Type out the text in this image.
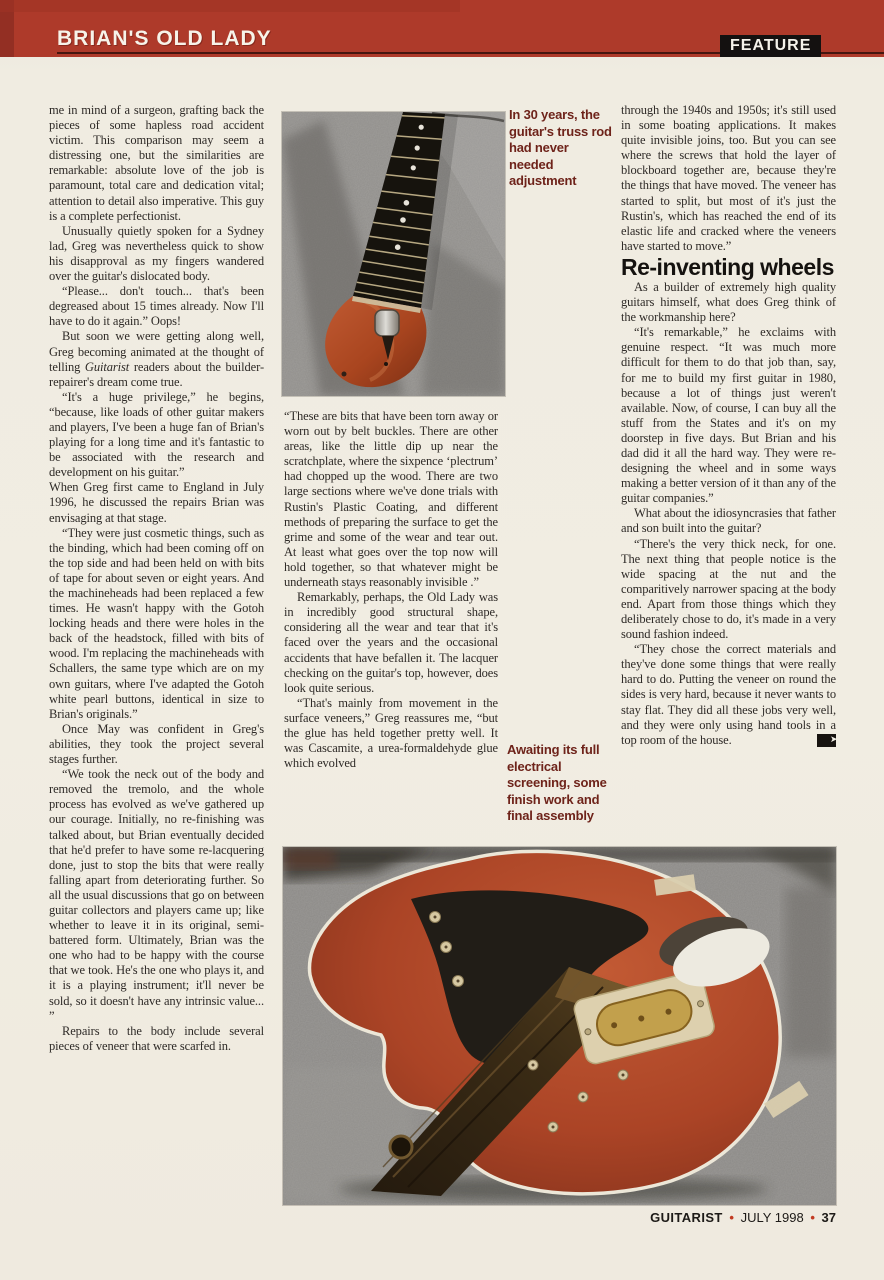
BRIAN'S OLD LADY	FEATURE

me in mind of a surgeon, grafting back the pieces of some hapless road accident victim. This comparison may seem a distressing one, but the similarities are remarkable: absolute love of the job is paramount, total care and dedication vital; attention to detail also imperative. This guy is a complete perfectionist.

Unusually quietly spoken for a Sydney lad, Greg was nevertheless quick to show his disapproval as my fingers wandered over the guitar's dislocated body.

“Please... don't touch... that's been degreased about 15 times already. Now I'll have to do it again.” Oops!

But soon we were getting along well, Greg becoming animated at the thought of telling Guitarist readers about the builder-repairer's dream come true.

“It's a huge privilege,” he begins, “because, like loads of other guitar makers and players, I've been a huge fan of Brian's playing for a long time and it's fantastic to be associated with the research and development on his guitar.”

When Greg first came to England in July 1996, he discussed the repairs Brian was envisaging at that stage.

“They were just cosmetic things, such as the binding, which had been coming off on the top side and had been held on with bits of tape for about seven or eight years. And the machineheads had been replaced a few times. He wasn't happy with the Gotoh locking heads and there were holes in the back of the headstock, filled with bits of wood. I'm replacing the machineheads with Schallers, the same type which are on my own guitars, where I've adapted the Gotoh white pearl buttons, identical in size to Brian's originals.”

Once May was confident in Greg's abilities, they took the project several stages further.

“We took the neck out of the body and removed the tremolo, and the whole process has evolved as we've gathered up our courage. Initially, no re-finishing was talked about, but Brian eventually decided that he'd prefer to have some re-lacquering done, just to stop the bits that were really falling apart from deteriorating further. So all the usual discussions that go on between guitar collectors and players came up; like whether to leave it in its original, semi-battered form. Ultimately, Brian was the one who had to be happy with the course that we took. He's the one who plays it, and it is a playing instrument; it'll never be sold, so it doesn't have any intrinsic value... ”

Repairs to the body include several pieces of veneer that were scarfed in.

In 30 years, the guitar's truss rod had never needed adjustment

through the 1940s and 1950s; it's still used in some boating applications. It makes quite invisible joins, too. But you can see where the screws that hold the layer of blockboard together are, because they're the things that have moved. The veneer has started to split, but most of it's just the Rustin's, which has reached the end of its elastic life and cracked where the veneers have started to move.”

Re-inventing wheels

As a builder of extremely high quality guitars himself, what does Greg think of the workmanship here?

“It's remarkable,” he exclaims with genuine respect. “It was much more difficult for them to do that job than, say, for me to build my first guitar in 1980, because a lot of things just weren't available. Now, of course, I can buy all the stuff from the States and it's on my doorstep in five days. But Brian and his dad did it all the hard way. They were re-designing the wheel and in some ways making a better version of it than any of the guitar companies.”

What about the idiosyncrasies that father and son built into the guitar?

“There's the very thick neck, for one. The next thing that people notice is the wide spacing at the nut and the comparitively narrower spacing at the body end. Apart from those things which they deliberately chose to do, it's made in a very sound fashion indeed.

“They chose the correct materials and they've done some things that were really hard to do. Putting the veneer on round the sides is very hard, because it never wants to stay flat. They did all these jobs very well, and they were only using hand tools in a top room of the house.	➤

“These are bits that have been torn away or worn out by belt buckles. There are other areas, like the little dip up near the scratchplate, where the sixpence ‘plectrum’ had chopped up the wood. There are two large sections where we've done trials with Rustin's Plastic Coating, and different methods of preparing the surface to get the grime and some of the wear and tear out. At least what goes over the top now will hold together, so that whatever might be underneath stays reasonably invisible .”

Remarkably, perhaps, the Old Lady was in incredibly good structural shape, considering all the wear and tear that it's faced over the years and the occasional accidents that have befallen it. The lacquer checking on the guitar's top, however, does look quite serious.

“That's mainly from movement in the surface veneers,” Greg reassures me, “but the glue has held together pretty well. It was Cascamite, a urea-formaldehyde glue which evolved

Awaiting its full electrical screening, some finish work and final assembly
GUITARIST • JULY 1998 • 37
